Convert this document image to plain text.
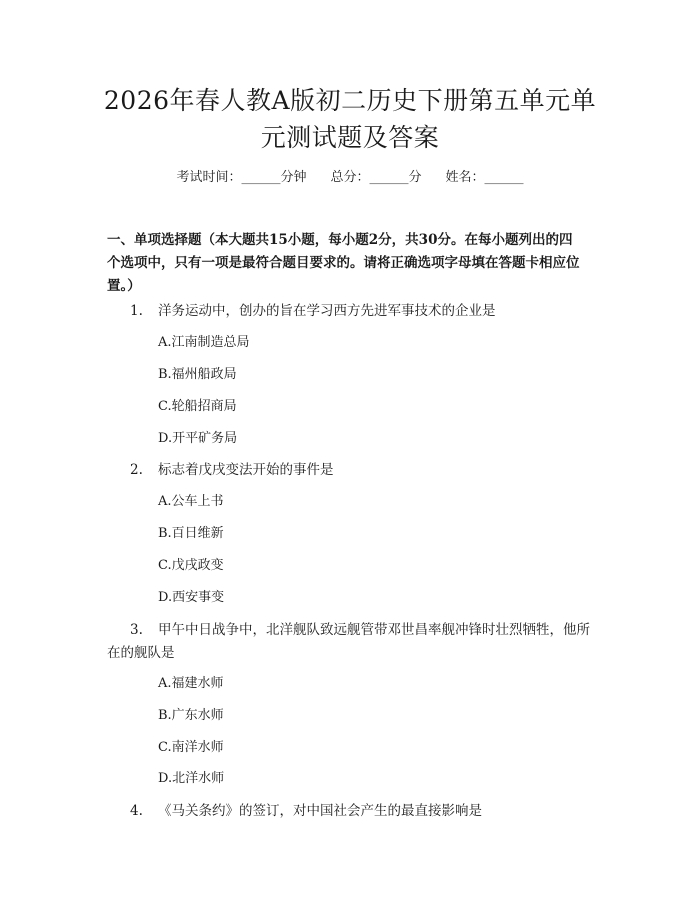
2026年春人教A版初二历史下册第五单元单
元测试题及答案
考试时间：______分钟 总分：______分 姓名：______
一、单项选择题（本大题共15小题，每小题2分，共30分。在每小题列出的四
个选项中，只有一项是最符合题目要求的。请将正确选项字母填在答题卡相应位
置。）
1.	洋务运动中，创办的旨在学习西方先进军事技术的企业是
A.江南制造总局
B.福州船政局
C.轮船招商局
D.开平矿务局
2.	标志着戊戌变法开始的事件是
A.公车上书
B.百日维新
C.戊戌政变
D.西安事变
3.	甲午中日战争中，北洋舰队致远舰管带邓世昌率舰冲锋时壮烈牺牲，他所
在的舰队是
A.福建水师
B.广东水师
C.南洋水师
D.北洋水师
4.	《马关条约》的签订，对中国社会产生的最直接影响是
